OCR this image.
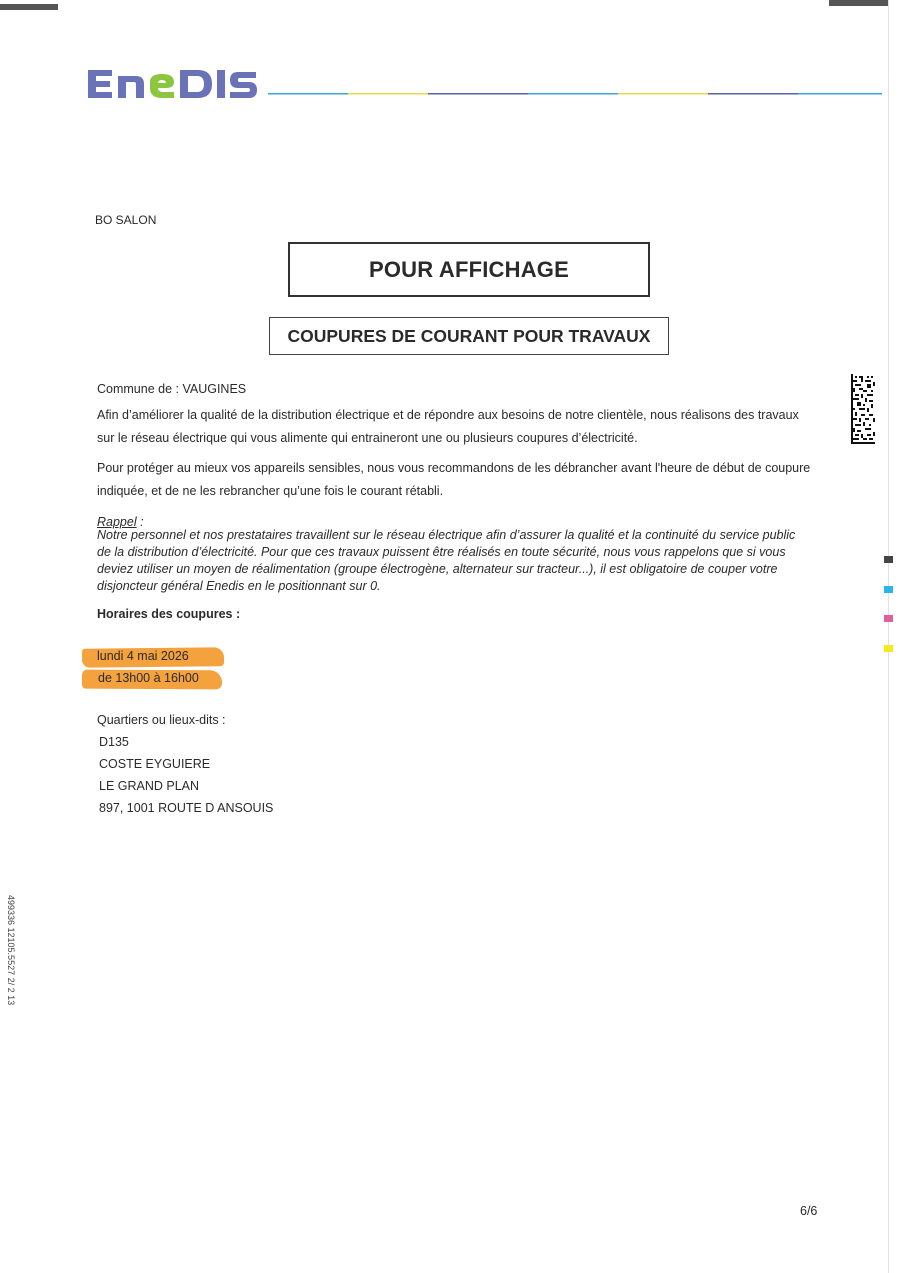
BO SALON
POUR AFFICHAGE
COUPURES DE COURANT POUR TRAVAUX
Commune de : VAUGINES
Afin d’améliorer la qualité de la distribution électrique et de répondre aux besoins de notre clientèle, nous réalisons des travaux
sur le réseau électrique qui vous alimente qui entraineront une ou plusieurs coupures d’électricité.
Pour protéger au mieux vos appareils sensibles, nous vous recommandons de les débrancher avant l'heure de début de coupure
indiquée, et de ne les rebrancher qu’une fois le courant rétabli.
Rappel :
Notre personnel et nos prestataires travaillent sur le réseau électrique afin d’assurer la qualité et la continuité du service public
de la distribution d’électricité. Pour que ces travaux puissent être réalisés en toute sécurité, nous vous rappelons que si vous
deviez utiliser un moyen de réalimentation (groupe électrogène, alternateur sur tracteur...), il est obligatoire de couper votre
disjoncteur général Enedis en le positionnant sur 0.
Horaires des coupures :
lundi 4 mai 2026
de 13h00 à 16h00
Quartiers ou lieux-dits :
D135
COSTE EYGUIERE
LE GRAND PLAN
897, 1001 ROUTE D ANSOUIS
499336 12105.5527 2/ 2 13
6/6
